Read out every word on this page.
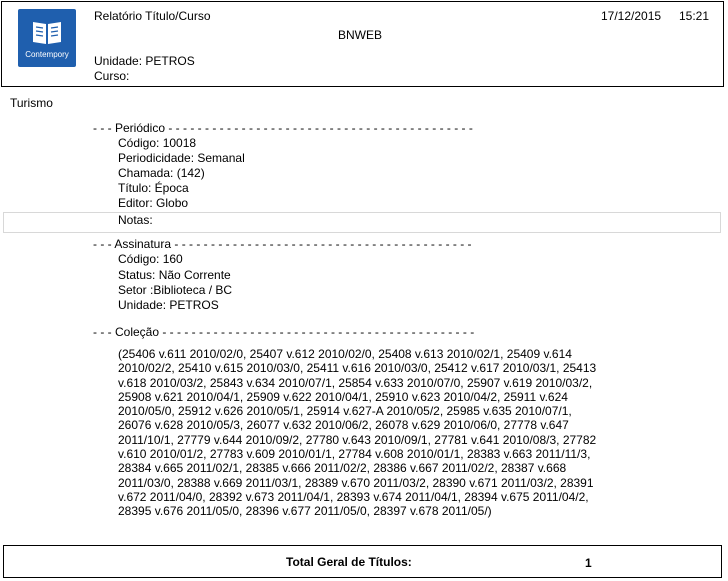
Contempory
Relatório Título/Curso	17/12/2015 15:21
BNWEB
Unidade: PETROS
Curso:
Turismo
- - - Periódico - - - - - - - - - - - - - - - - - - - - - - - - - - - - - - - - - - - - - - - - - -
Código: 10018
Periodicidade: Semanal
Chamada: (142)
Título: Época
Editor: Globo
Notas:
- - - Assinatura - - - - - - - - - - - - - - - - - - - - - - - - - - - - - - - - - - - - - - - - -
Código: 160
Status: Não Corrente
Setor :Biblioteca / BC
Unidade: PETROS
- - - Coleção - - - - - - - - - - - - - - - - - - - - - - - - - - - - - - - - - - - - - - - - - - -
(25406 v.611 2010/02/0, 25407 v.612 2010/02/0, 25408 v.613 2010/02/1, 25409 v.614
2010/02/2, 25410 v.615 2010/03/0, 25411 v.616 2010/03/0, 25412 v.617 2010/03/1, 25413
v.618 2010/03/2, 25843 v.634 2010/07/1, 25854 v.633 2010/07/0, 25907 v.619 2010/03/2,
25908 v.621 2010/04/1, 25909 v.622 2010/04/1, 25910 v.623 2010/04/2, 25911 v.624
2010/05/0, 25912 v.626 2010/05/1, 25914 v.627-A 2010/05/2, 25985 v.635 2010/07/1,
26076 v.628 2010/05/3, 26077 v.632 2010/06/2, 26078 v.629 2010/06/0, 27778 v.647
2011/10/1, 27779 v.644 2010/09/2, 27780 v.643 2010/09/1, 27781 v.641 2010/08/3, 27782
v.610 2010/01/2, 27783 v.609 2010/01/1, 27784 v.608 2010/01/1, 28383 v.663 2011/11/3,
28384 v.665 2011/02/1, 28385 v.666 2011/02/2, 28386 v.667 2011/02/2, 28387 v.668
2011/03/0, 28388 v.669 2011/03/1, 28389 v.670 2011/03/2, 28390 v.671 2011/03/2, 28391
v.672 2011/04/0, 28392 v.673 2011/04/1, 28393 v.674 2011/04/1, 28394 v.675 2011/04/2,
28395 v.676 2011/05/0, 28396 v.677 2011/05/0, 28397 v.678 2011/05/)
Total Geral de Títulos:	1
